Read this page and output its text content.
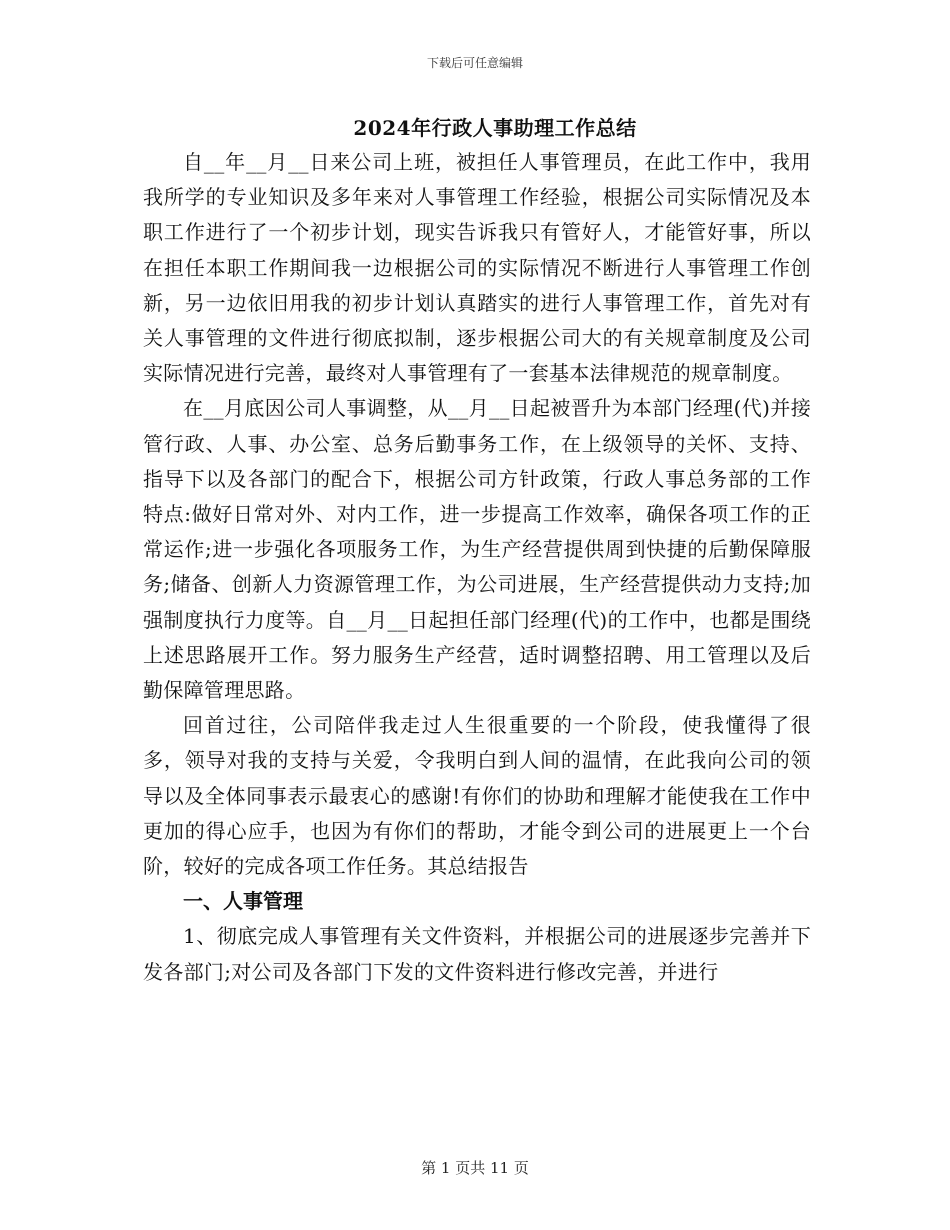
下载后可任意编辑
2024年行政人事助理工作总结

自__年__月__日来公司上班，被担任人事管理员，在此工作中，我用我所学的专业知识及多年来对人事管理工作经验，根据公司实际情况及本职工作进行了一个初步计划，现实告诉我只有管好人，才能管好事，所以在担任本职工作期间我一边根据公司的实际情况不断进行人事管理工作创新，另一边依旧用我的初步计划认真踏实的进行人事管理工作，首先对有关人事管理的文件进行彻底拟制，逐步根据公司大的有关规章制度及公司实际情况进行完善，最终对人事管理有了一套基本法律规范的规章制度。

在__月底因公司人事调整，从__月__日起被晋升为本部门经理(代)并接管行政、人事、办公室、总务后勤事务工作，在上级领导的关怀、支持、指导下以及各部门的配合下，根据公司方针政策，行政人事总务部的工作特点:做好日常对外、对内工作，进一步提高工作效率，确保各项工作的正常运作;进一步强化各项服务工作，为生产经营提供周到快捷的后勤保障服务;储备、创新人力资源管理工作，为公司进展，生产经营提供动力支持;加强制度执行力度等。自__月__日起担任部门经理(代)的工作中，也都是围绕上述思路展开工作。努力服务生产经营，适时调整招聘、用工管理以及后勤保障管理思路。

回首过往，公司陪伴我走过人生很重要的一个阶段，使我懂得了很多，领导对我的支持与关爱，令我明白到人间的温情，在此我向公司的领导以及全体同事表示最衷心的感谢!有你们的协助和理解才能使我在工作中更加的得心应手，也因为有你们的帮助，才能令到公司的进展更上一个台阶，较好的完成各项工作任务。其总结报告

一、人事管理

1、彻底完成人事管理有关文件资料，并根据公司的进展逐步完善并下发各部门;对公司及各部门下发的文件资料进行修改完善，并进行

第 1 页共 11 页
